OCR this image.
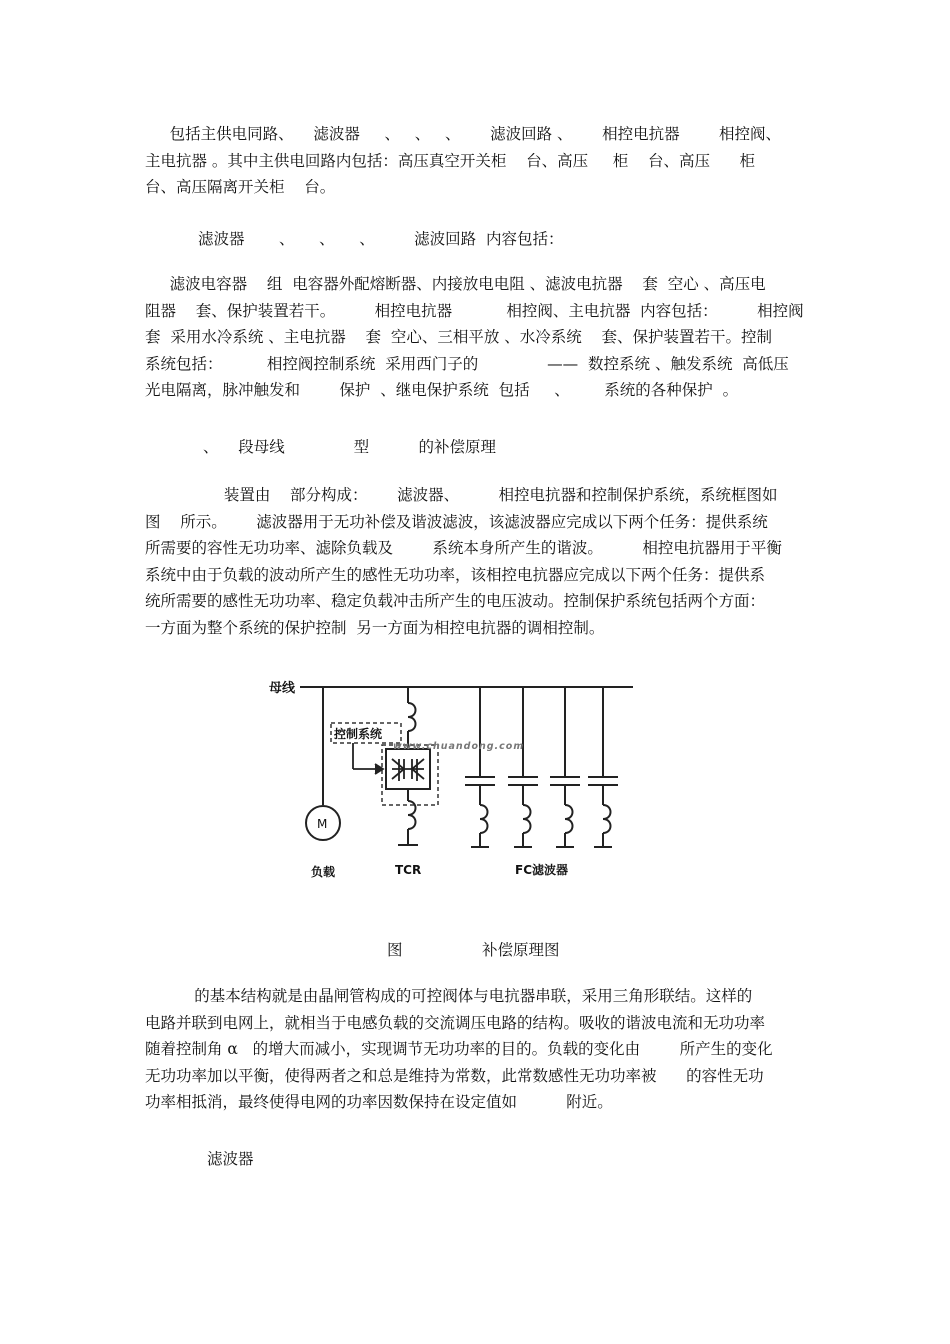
包括主供电同路、    滤波器     、   、   、      滤波回路 、      相控电抗器        相控阀、
主电抗器 。其中主供电回路内包括：高压真空开关柜    台、高压     柜    台、高压      柜
台、高压隔离开关柜    台。

滤波器       、     、     、        滤波回路  内容包括：

滤波电容器    组  电容器外配熔断器、内接放电电阻 、滤波电抗器    套  空心 、高压电
阻器    套、保护装置若干。        相控电抗器           相控阀、主电抗器  内容包括：        相控阀
套  采用水冷系统 、主电抗器    套  空心、三相平放 、水冷系统    套、保护装置若干。控制
系统包括：         相控阀控制系统  采用西门子的              ——  数控系统 、触发系统  高低压
光电隔离，脉冲触发和        保护  、继电保护系统  包括     、       系统的各种保护  。

、    段母线              型          的补偿原理

装置由    部分构成：      滤波器、        相控电抗器和控制保护系统，系统框图如
图    所示。      滤波器用于无功补偿及谐波滤波，该滤波器应完成以下两个任务：提供系统
所需要的容性无功功率、滤除负载及        系统本身所产生的谐波。        相控电抗器用于平衡
系统中由于负载的波动所产生的感性无功功率，该相控电抗器应完成以下两个任务：提供系
统所需要的感性无功功率、稳定负载冲击所产生的电压波动。控制保护系统包括两个方面：
一方面为整个系统的保护控制  另一方面为相控电抗器的调相控制。

母线
控制系统
www.chuandong.com
M
负载	TCR	FC滤波器
图	补偿原理图

的基本结构就是由晶闸管构成的可控阀体与电抗器串联，采用三角形联结。这样的
电路并联到电网上，就相当于电感负载的交流调压电路的结构。吸收的谐波电流和无功功率
随着控制角 α   的增大而减小，实现调节无功功率的目的。负载的变化由        所产生的变化
无功功率加以平衡，使得两者之和总是维持为常数，此常数感性无功功率被      的容性无功
功率相抵消，最终使得电网的功率因数保持在设定值如          附近。

滤波器
